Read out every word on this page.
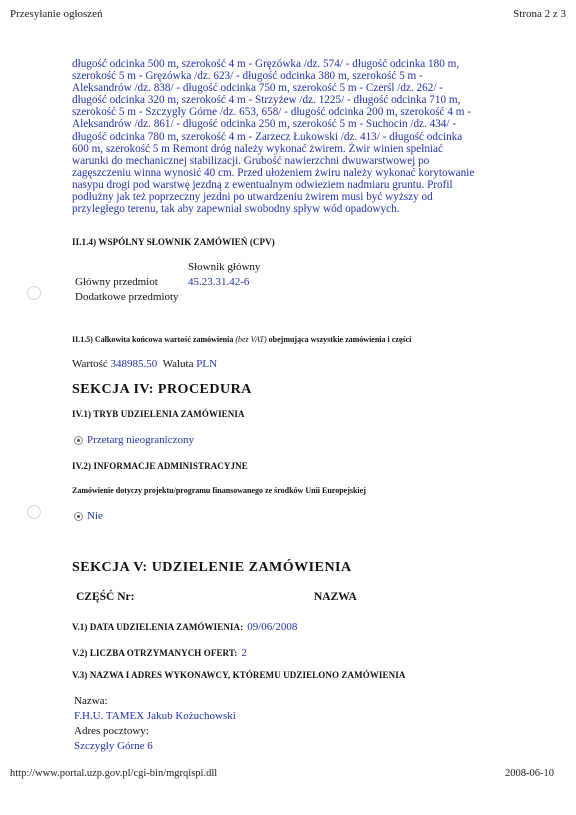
Przesyłanie ogłoszeń	Strona 2 z 3
długość odcinka 500 m, szerokość 4 m - Gręzówka /dz. 574/ - długość odcinka 180 m,
szerokość 5 m - Gręzówka /dz. 623/ - długość odcinka 380 m, szerokość 5 m -
Aleksandrów /dz. 838/ - długość odcinka 750 m, szerokość 5 m - Czerśl /dz. 262/ -
długość odcinka 320 m, szerokość 4 m - Strzyżew /dz. 1225/ - długość odcinka 710 m,
szerokość 5 m - Szczygły Górne /dz. 653, 658/ - długość odcinka 200 m, szerokość 4 m -
Aleksandrów /dz. 861/ - długość odcinka 250 m, szerokość 5 m - Suchocin /dz. 434/ -
długość odcinka 780 m, szerokość 4 m - Zarzecz Łukowski /dz. 413/ - długość odcinka
600 m, szerokość 5 m Remont dróg należy wykonać żwirem. Żwir winien spełniać
warunki do mechanicznej stabilizacji. Grubość nawierzchni dwuwarstwowej po
zagęszczeniu winna wynosić 40 cm. Przed ułożeniem żwiru należy wykonać korytowanie
nasypu drogi pod warstwę jezdną z ewentualnym odwieziem nadmiaru gruntu. Profil
podłużny jak też poprzeczny jezdni po utwardzeniu żwirem musi być wyższy od
przyległego terenu, tak aby zapewniał swobodny spływ wód opadowych.
II.1.4) WSPÓLNY SŁOWNIK ZAMÓWIEŃ (CPV)
Słownik główny
Główny przedmiot	45.23.31.42-6
Dodatkowe przedmioty
II.1.5) Całkowita końcowa wartość zamówienia (bez VAT) obejmująca wszystkie zamówienia i części
Wartość 348985.50 Waluta PLN
SEKCJA IV: PROCEDURA
IV.1) TRYB UDZIELENIA ZAMÓWIENIA
Przetarg nieograniczony
IV.2) INFORMACJE ADMINISTRACYJNE
Zamówienie dotyczy projektu/programu finansowanego ze środków Unii Europejskiej
Nie
SEKCJA V: UDZIELENIE ZAMÓWIENIA
CZĘŚĆ Nr:	NAZWA
V.1) DATA UDZIELENIA ZAMÓWIENIA: 09/06/2008
V.2) LICZBA OTRZYMANYCH OFERT: 2
V.3) NAZWA I ADRES WYKONAWCY, KTÓREMU UDZIELONO ZAMÓWIENIA
Nazwa:
F.H.U. TAMEX Jakub Kożuchowski
Adres pocztowy:
Szczygły Górne 6
http://www.portal.uzp.gov.pl/cgi-bin/mgrqispi.dll	2008-06-10
